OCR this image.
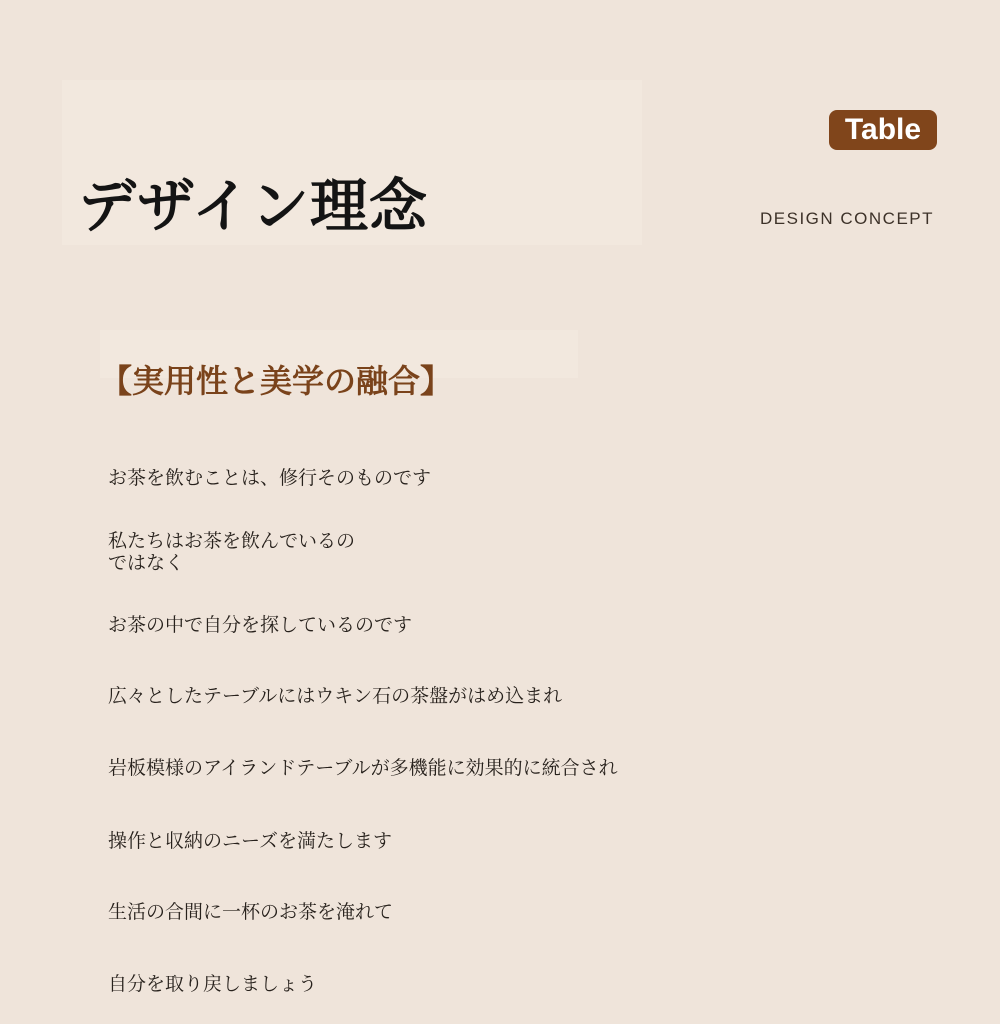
デザイン理念
Table
DESIGN CONCEPT
【実用性と美学の融合】

お茶を飲むことは、修行そのものです

私たちはお茶を飲んでいるの
ではなく

お茶の中で自分を探しているのです

広々としたテーブルにはウキン石の茶盤がはめ込まれ

岩板模様のアイランドテーブルが多機能に効果的に統合され

操作と収納のニーズを満たします

生活の合間に一杯のお茶を淹れて

自分を取り戻しましょう
